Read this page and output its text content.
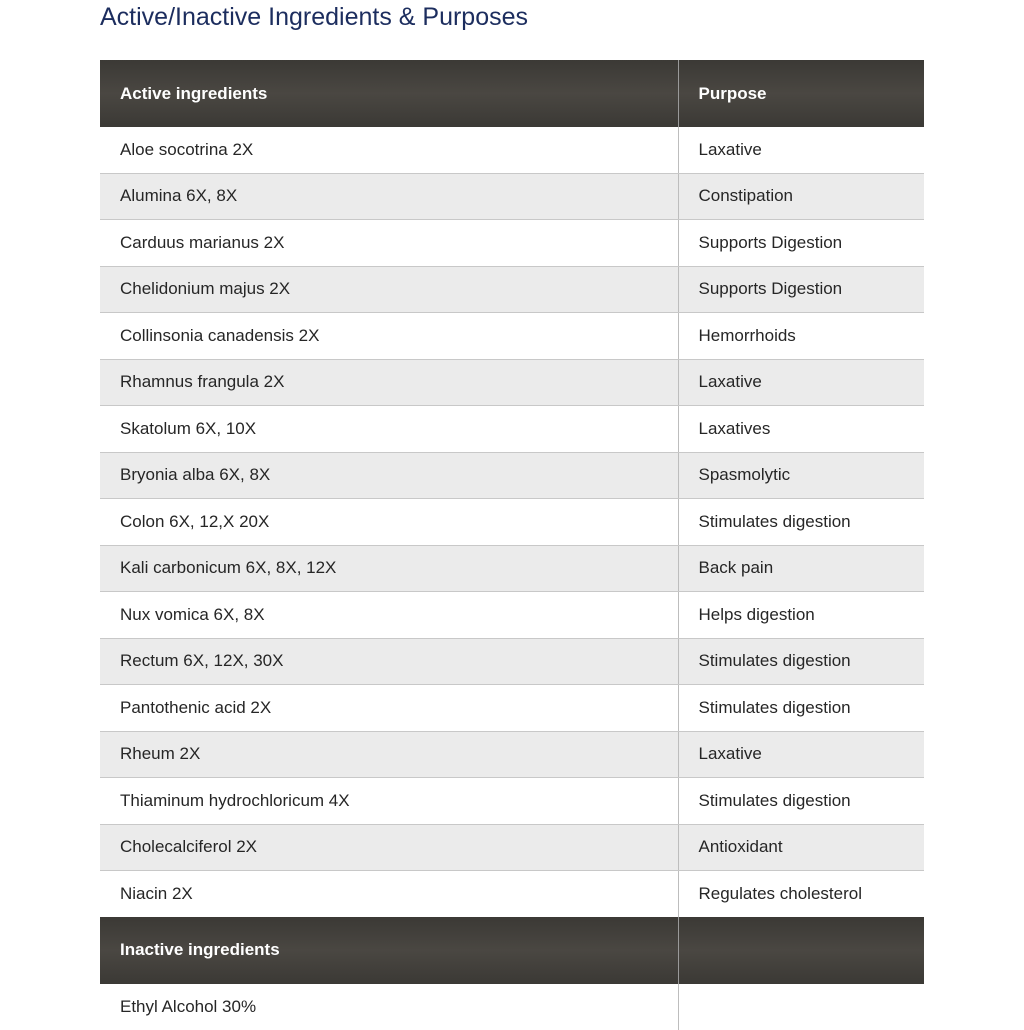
Active/Inactive Ingredients & Purposes
Active ingredients	Purpose
Aloe socotrina 2X	Laxative
Alumina 6X, 8X	Constipation
Carduus marianus 2X	Supports Digestion
Chelidonium majus 2X	Supports Digestion
Collinsonia canadensis 2X	Hemorrhoids
Rhamnus frangula 2X	Laxative
Skatolum 6X, 10X	Laxatives
Bryonia alba 6X, 8X	Spasmolytic
Colon 6X, 12,X 20X	Stimulates digestion
Kali carbonicum 6X, 8X, 12X	Back pain
Nux vomica 6X, 8X	Helps digestion
Rectum 6X, 12X, 30X	Stimulates digestion
Pantothenic acid 2X	Stimulates digestion
Rheum 2X	Laxative
Thiaminum hydrochloricum 4X	Stimulates digestion
Cholecalciferol 2X	Antioxidant
Niacin 2X	Regulates cholesterol
Inactive ingredients	
Ethyl Alcohol 30%	
